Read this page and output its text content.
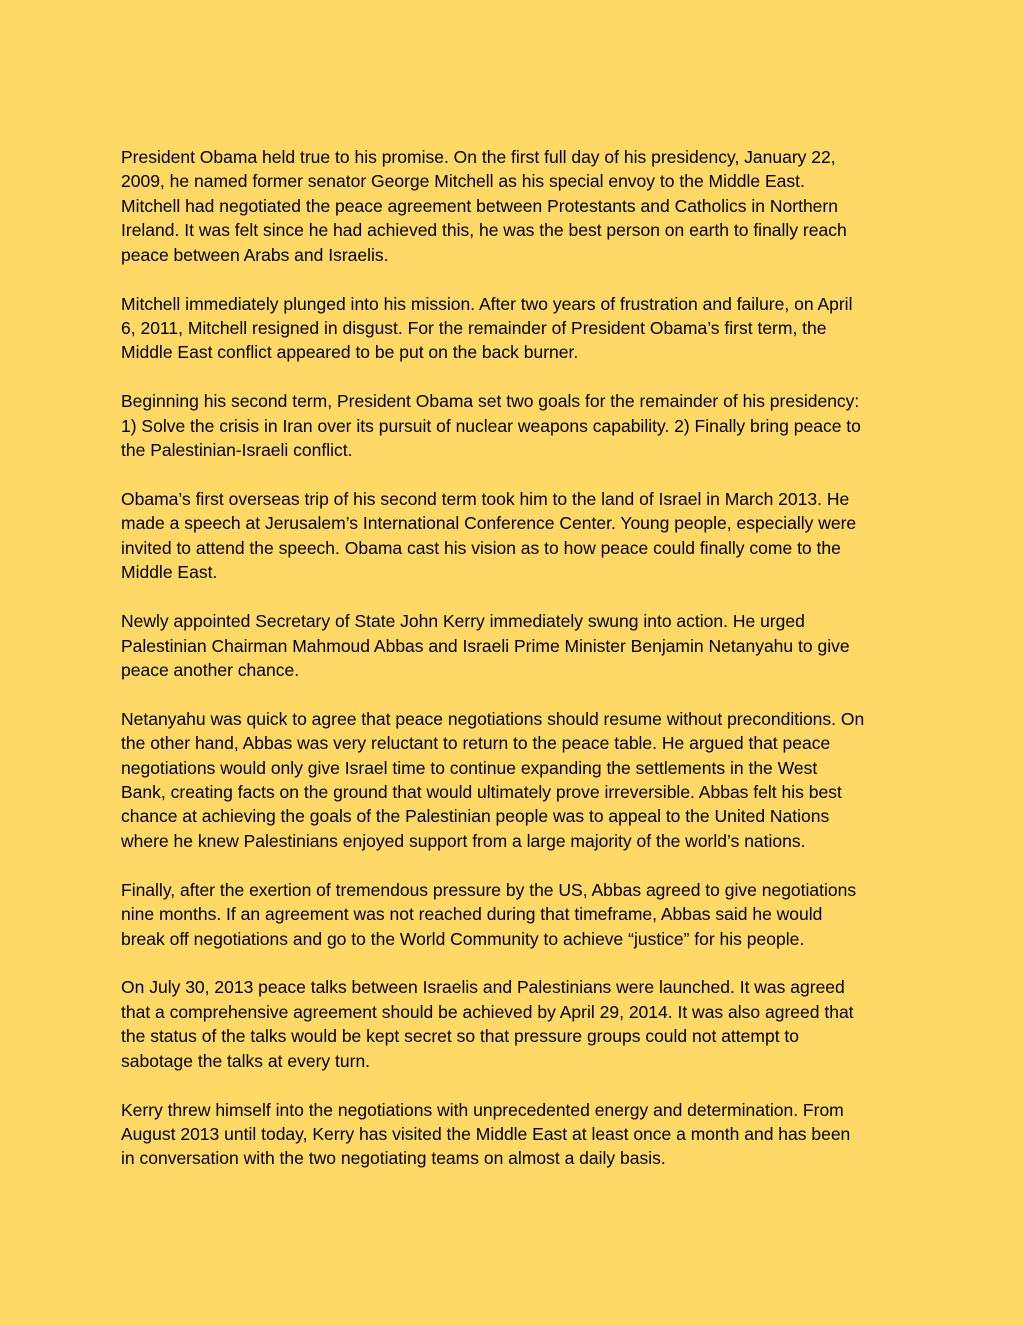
President Obama held true to his promise. On the first full day of his presidency, January 22,
2009, he named former senator George Mitchell as his special envoy to the Middle East.
Mitchell had negotiated the peace agreement between Protestants and Catholics in Northern
Ireland. It was felt since he had achieved this, he was the best person on earth to finally reach
peace between Arabs and Israelis.

Mitchell immediately plunged into his mission. After two years of frustration and failure, on April
6, 2011, Mitchell resigned in disgust. For the remainder of President Obama’s first term, the
Middle East conflict appeared to be put on the back burner.

Beginning his second term, President Obama set two goals for the remainder of his presidency:
1) Solve the crisis in Iran over its pursuit of nuclear weapons capability. 2) Finally bring peace to
the Palestinian-Israeli conflict.

Obama’s first overseas trip of his second term took him to the land of Israel in March 2013. He
made a speech at Jerusalem’s International Conference Center. Young people, especially were
invited to attend the speech. Obama cast his vision as to how peace could finally come to the
Middle East.

Newly appointed Secretary of State John Kerry immediately swung into action. He urged
Palestinian Chairman Mahmoud Abbas and Israeli Prime Minister Benjamin Netanyahu to give
peace another chance.

Netanyahu was quick to agree that peace negotiations should resume without preconditions. On
the other hand, Abbas was very reluctant to return to the peace table. He argued that peace
negotiations would only give Israel time to continue expanding the settlements in the West
Bank, creating facts on the ground that would ultimately prove irreversible. Abbas felt his best
chance at achieving the goals of the Palestinian people was to appeal to the United Nations
where he knew Palestinians enjoyed support from a large majority of the world’s nations.

Finally, after the exertion of tremendous pressure by the US, Abbas agreed to give negotiations
nine months. If an agreement was not reached during that timeframe, Abbas said he would
break off negotiations and go to the World Community to achieve “justice” for his people.

On July 30, 2013 peace talks between Israelis and Palestinians were launched. It was agreed
that a comprehensive agreement should be achieved by April 29, 2014. It was also agreed that
the status of the talks would be kept secret so that pressure groups could not attempt to
sabotage the talks at every turn.

Kerry threw himself into the negotiations with unprecedented energy and determination. From
August 2013 until today, Kerry has visited the Middle East at least once a month and has been
in conversation with the two negotiating teams on almost a daily basis.
